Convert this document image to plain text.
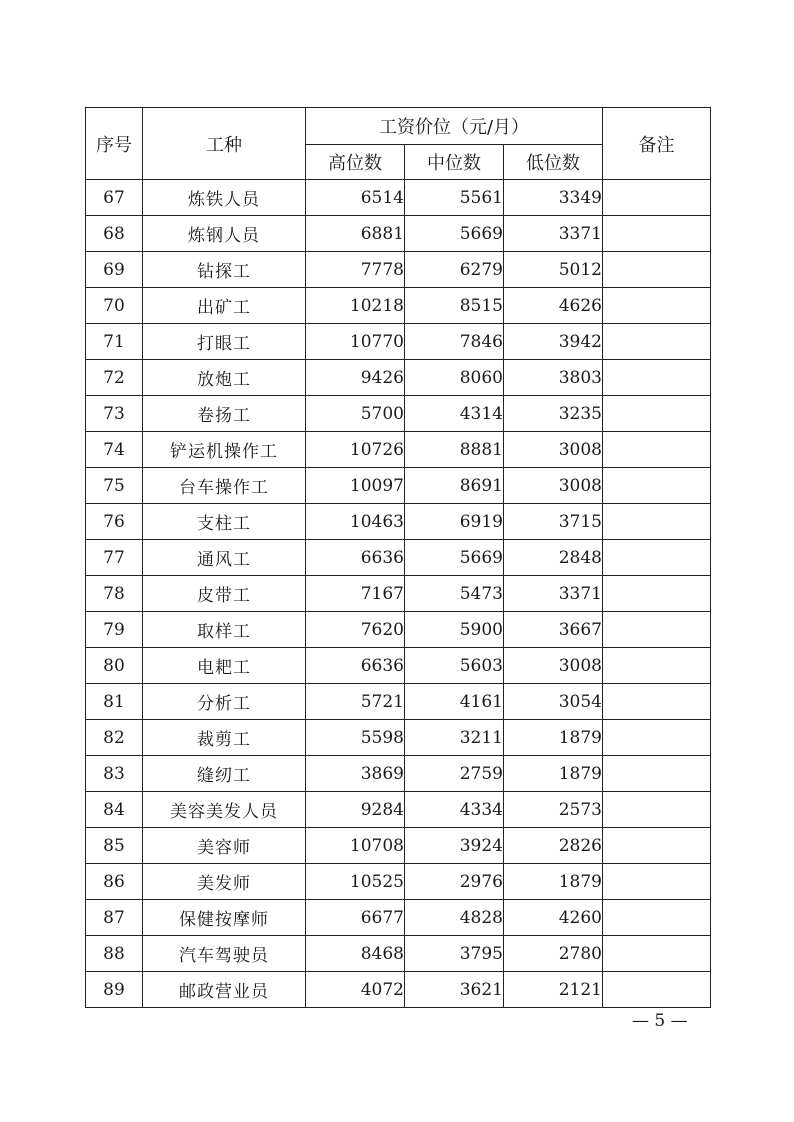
序号	工种	工资价位（元/月）			备注
		高位数	中位数	低位数	
67	炼铁人员	6514	5561	3349	
68	炼钢人员	6881	5669	3371	
69	钻探工	7778	6279	5012	
70	出矿工	10218	8515	4626	
71	打眼工	10770	7846	3942	
72	放炮工	9426	8060	3803	
73	卷扬工	5700	4314	3235	
74	铲运机操作工	10726	8881	3008	
75	台车操作工	10097	8691	3008	
76	支柱工	10463	6919	3715	
77	通风工	6636	5669	2848	
78	皮带工	7167	5473	3371	
79	取样工	7620	5900	3667	
80	电耙工	6636	5603	3008	
81	分析工	5721	4161	3054	
82	裁剪工	5598	3211	1879	
83	缝纫工	3869	2759	1879	
84	美容美发人员	9284	4334	2573	
85	美容师	10708	3924	2826	
86	美发师	10525	2976	1879	
87	保健按摩师	6677	4828	4260	
88	汽车驾驶员	8468	3795	2780	
89	邮政营业员	4072	3621	2121	
— 5 —
